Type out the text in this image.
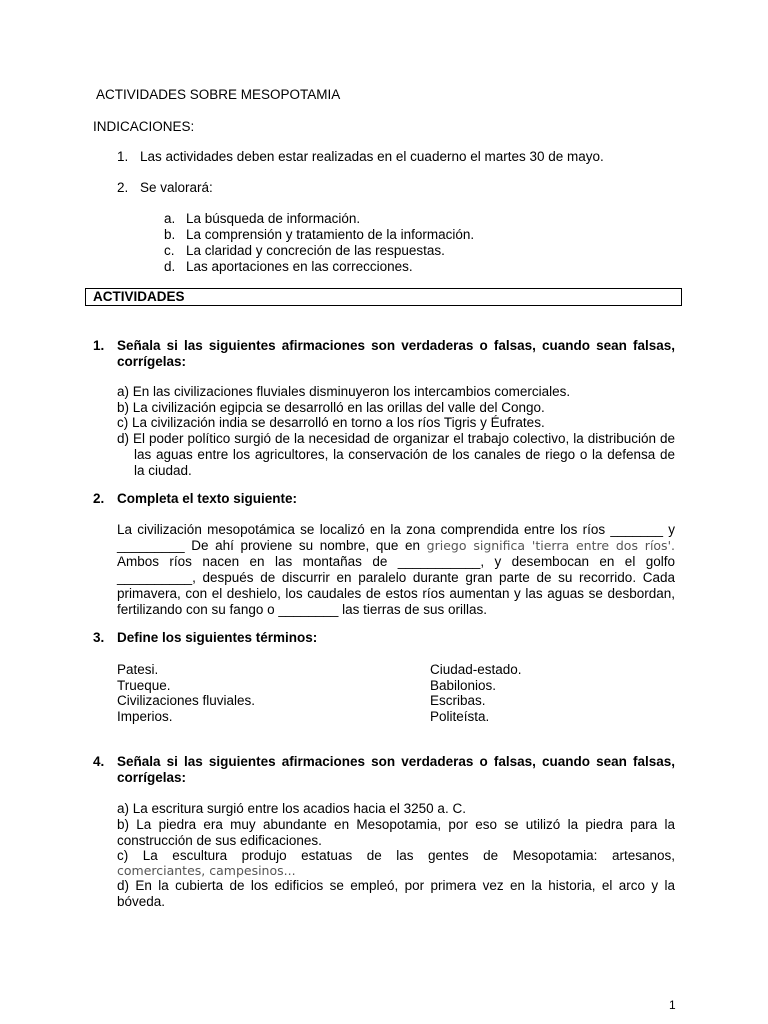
ACTIVIDADES SOBRE MESOPOTAMIA
INDICACIONES:
1. Las actividades deben estar realizadas en el cuaderno el martes 30 de mayo.
2. Se valorará:
a. La búsqueda de información.
b. La comprensión y tratamiento de la información.
c. La claridad y concreción de las respuestas.
d. Las aportaciones en las correcciones.
ACTIVIDADES
1. Señala si las siguientes afirmaciones son verdaderas o falsas, cuando sean falsas, corrígelas:
a) En las civilizaciones fluviales disminuyeron los intercambios comerciales.
b) La civilización egipcia se desarrolló en las orillas del valle del Congo.
c) La civilización india se desarrolló en torno a los ríos Tigris y Éufrates.
d) El poder político surgió de la necesidad de organizar el trabajo colectivo, la distribución de las aguas entre los agricultores, la conservación de los canales de riego o la defensa de la ciudad.
2. Completa el texto siguiente:
La civilización mesopotámica se localizó en la zona comprendida entre los ríos _______ y _________ De ahí proviene su nombre, que en griego significa 'tierra entre dos ríos'. Ambos ríos nacen en las montañas de ___________, y desembocan en el golfo __________, después de discurrir en paralelo durante gran parte de su recorrido. Cada primavera, con el deshielo, los caudales de estos ríos aumentan y las aguas se desbordan, fertilizando con su fango o ________ las tierras de sus orillas.
3. Define los siguientes términos:
Patesi.
Trueque.
Civilizaciones fluviales.
Imperios.
Ciudad-estado.
Babilonios.
Escribas.
Politeísta.
4. Señala si las siguientes afirmaciones son verdaderas o falsas, cuando sean falsas, corrígelas:
a) La escritura surgió entre los acadios hacia el 3250 a. C.
b) La piedra era muy abundante en Mesopotamia, por eso se utilizó la piedra para la construcción de sus edificaciones.
c) La escultura produjo estatuas de las gentes de Mesopotamia: artesanos,
comerciantes, campesinos...
d) En la cubierta de los edificios se empleó, por primera vez en la historia, el arco y la bóveda.
1
